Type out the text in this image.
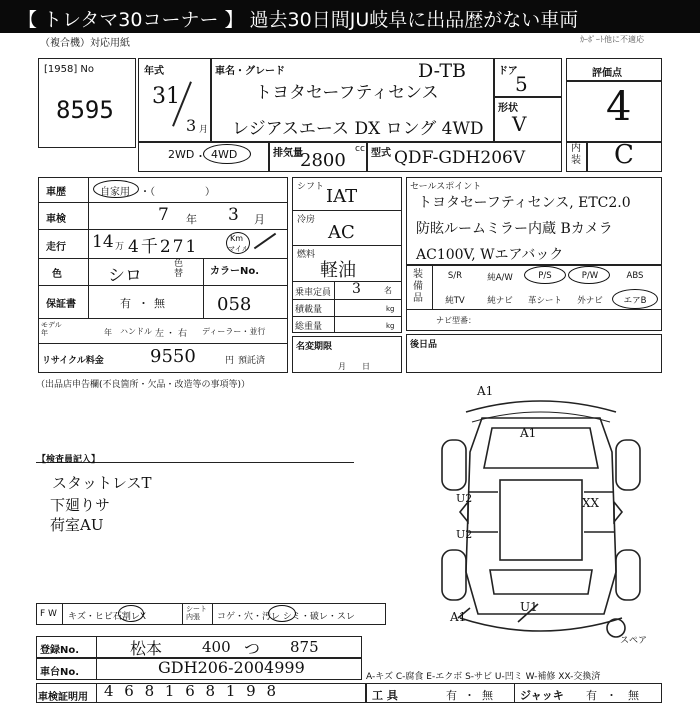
【 トレタマ30コーナー 】 過去30日間JU岐阜に出品歴がない車両
（複合機）対応用紙	ｶｰﾎﾟｰﾄ他に不適応
[1958] No
8595
年式
31
3 月
車名・グレード
トヨタセーフティセンス
D-TB
レジアスエース DX ロング 4WD
ドア
5
形状
V
2WD ・ 4WD	排気量	cc
2800	型式 QDF-GDH206V
評価点
4
内装 C
車歴	自家用 ・（　　　　　）
車検	7 年 3 月
走行 14 万 4千271	Km
マイル
色	シロ
色替	カラーNo.
058
保証書	有 ・ 無
モデル年	年 ハンドル 左 ・ 右 ディーラー・並行
リサイクル料金	9550	円 預託済
シフト IAT
冷房
AC
燃料
軽油
乗車定員 3	名
積載量	kg
総重量	kg
名変期限
月　　日
セールスポイント
トヨタセーフティセンス, ETC2.0
防眩ルームミラー内蔵 Bカメラ
AC100V, Wエアバック
装備品
S/R	純A/W	P/S	P/W	ABS
純TV	純ナビ	革シート	外ナビ	エアB
ナビ型番：
後日品
（出品店申告欄(不良箇所・欠品・改造等の事項等)）
【検査員記入】
スタットレスT
下廻りサ
荷室AU
A1
A1
U2
U2
XX
A1
U1
スペア
F W キズ・ヒビ石割レX
シート内張	コゲ・穴・汚レ シミ・破レ・スレ
登録No.	松本	400 つ 875
車台No.	GDH206-2004999	A-キズ C-腐食 E-エクボ S-サビ U-凹ミ W-補修 XX-交換済
車検証明用 4 6 8 1 6 8 1 9 8	工 具	有 ・ 無 ジャッキ 有 ・ 無
